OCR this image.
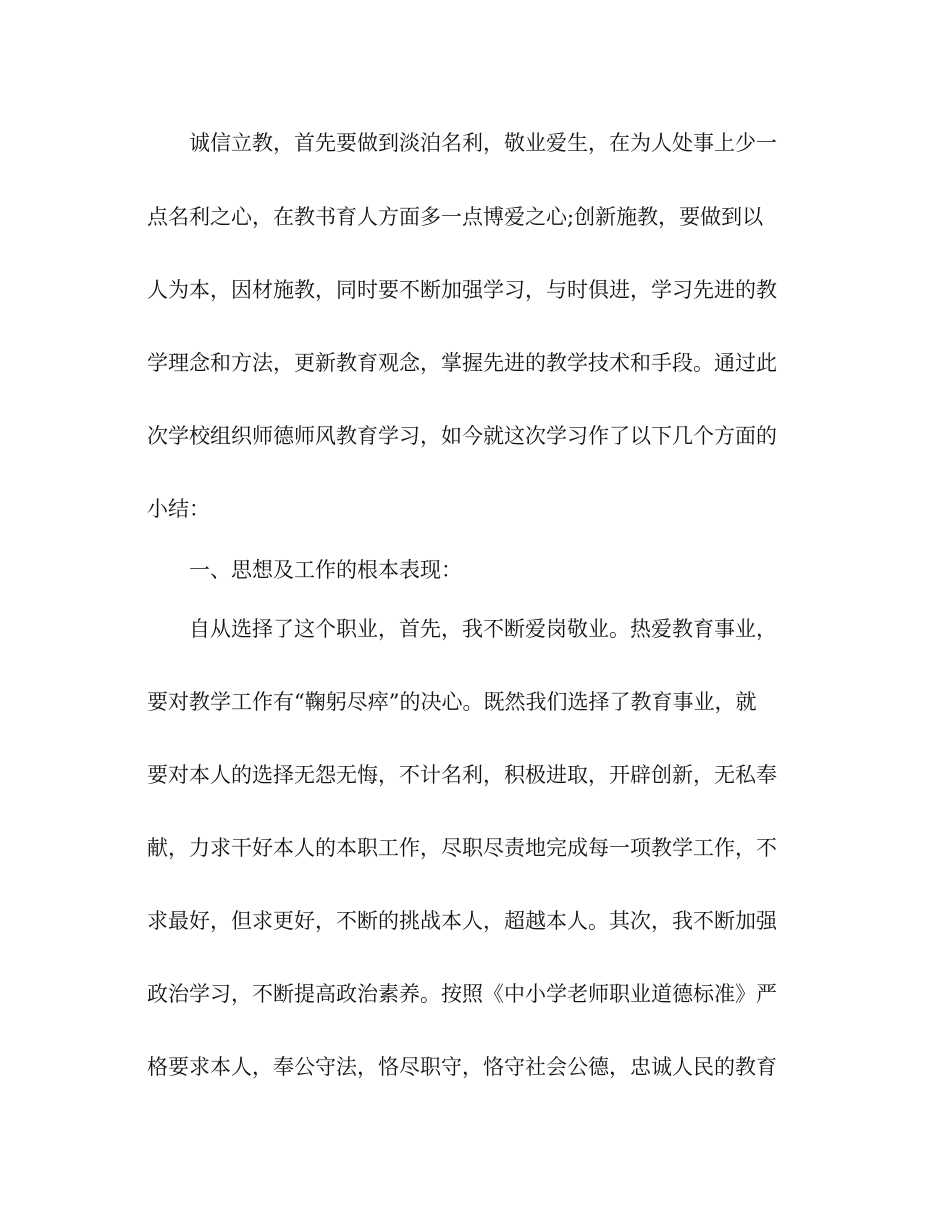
诚信立教，首先要做到淡泊名利，敬业爱生，在为人处事上少一
点名利之心，在教书育人方面多一点博爱之心;创新施教，要做到以
人为本，因材施教，同时要不断加强学习，与时俱进，学习先进的教
学理念和方法，更新教育观念，掌握先进的教学技术和手段。通过此
次学校组织师德师风教育学习，如今就这次学习作了以下几个方面的
小结：
一、思想及工作的根本表现：
自从选择了这个职业，首先，我不断爱岗敬业。热爱教育事业，
要对教学工作有“鞠躬尽瘁”的决心。既然我们选择了教育事业，就
要对本人的选择无怨无悔，不计名利，积极进取，开辟创新，无私奉
献，力求干好本人的本职工作，尽职尽责地完成每一项教学工作，不
求最好，但求更好，不断的挑战本人，超越本人。其次，我不断加强
政治学习，不断提高政治素养。按照《中小学老师职业道德标准》严
格要求本人，奉公守法，恪尽职守，恪守社会公德，忠诚人民的教育
